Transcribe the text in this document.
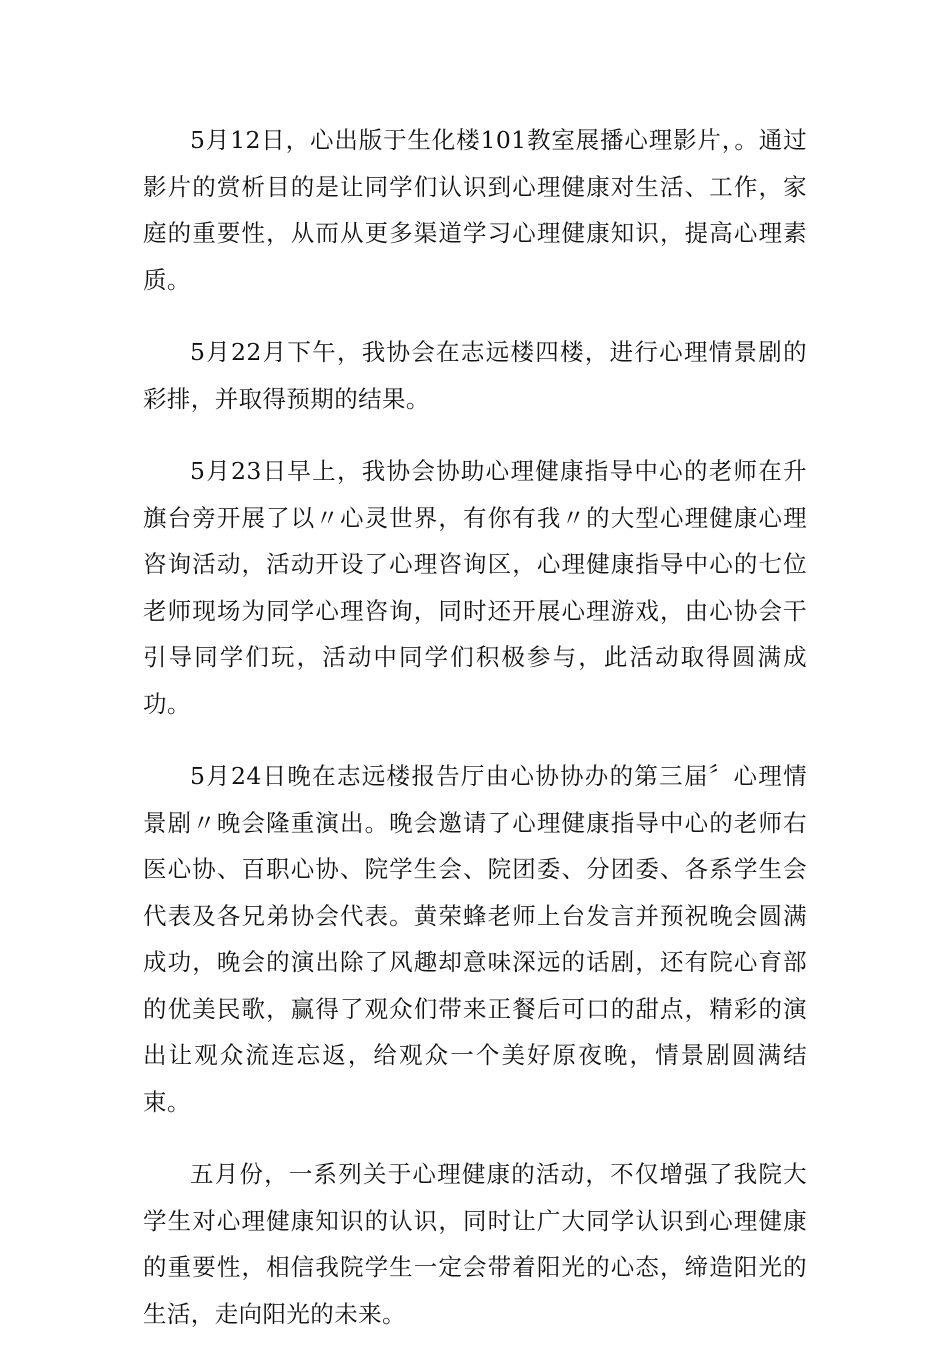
5月12日，心出版于生化楼101教室展播心理影片，。通过影片的赏析目的是让同学们认识到心理健康对生活、工作，家庭的重要性，从而从更多渠道学习心理健康知识，提高心理素质。

5月22月下午，我协会在志远楼四楼，进行心理情景剧的彩排，并取得预期的结果。

5月23日早上，我协会协助心理健康指导中心的老师在升旗台旁开展了以〃心灵世界，有你有我〃的大型心理健康心理咨询活动，活动开设了心理咨询区，心理健康指导中心的七位老师现场为同学心理咨询，同时还开展心理游戏，由心协会干引导同学们玩，活动中同学们积极参与，此活动取得圆满成功。

5月24日晚在志远楼报告厅由心协协办的第三届〞心理情景剧〃晚会隆重演出。晚会邀请了心理健康指导中心的老师右医心协、百职心协、院学生会、院团委、分团委、各系学生会代表及各兄弟协会代表。黄荣蜂老师上台发言并预祝晚会圆满成功，晚会的演出除了风趣却意味深远的话剧，还有院心育部的优美民歌，赢得了观众们带来正餐后可口的甜点，精彩的演出让观众流连忘返，给观众一个美好原夜晚，情景剧圆满结束。

五月份，一系列关于心理健康的活动，不仅增强了我院大学生对心理健康知识的认识，同时让广大同学认识到心理健康的重要性，相信我院学生一定会带着阳光的心态，缔造阳光的生活，走向阳光的未来。
